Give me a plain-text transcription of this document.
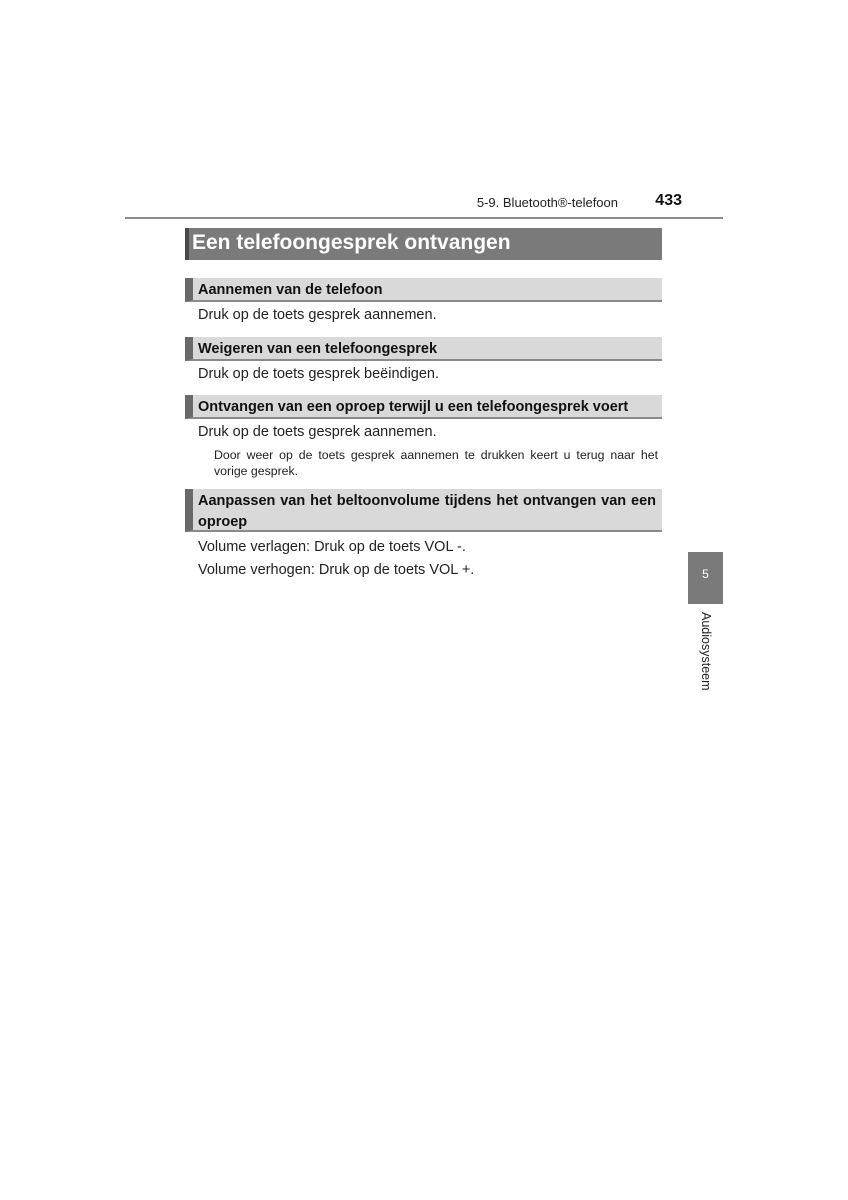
5-9. Bluetooth®-telefoon 433
Een telefoongesprek ontvangen
Aannemen van de telefoon
Druk op de toets gesprek aannemen.
Weigeren van een telefoongesprek
Druk op de toets gesprek beëindigen.
Ontvangen van een oproep terwijl u een telefoongesprek voert
Druk op de toets gesprek aannemen.
Door weer op de toets gesprek aannemen te drukken keert u terug naar het vorige gesprek.
Aanpassen van het beltoonvolume tijdens het ontvangen van een oproep
Volume verlagen: Druk op de toets VOL -.
Volume verhogen: Druk op de toets VOL +.	5
Audiosysteem
